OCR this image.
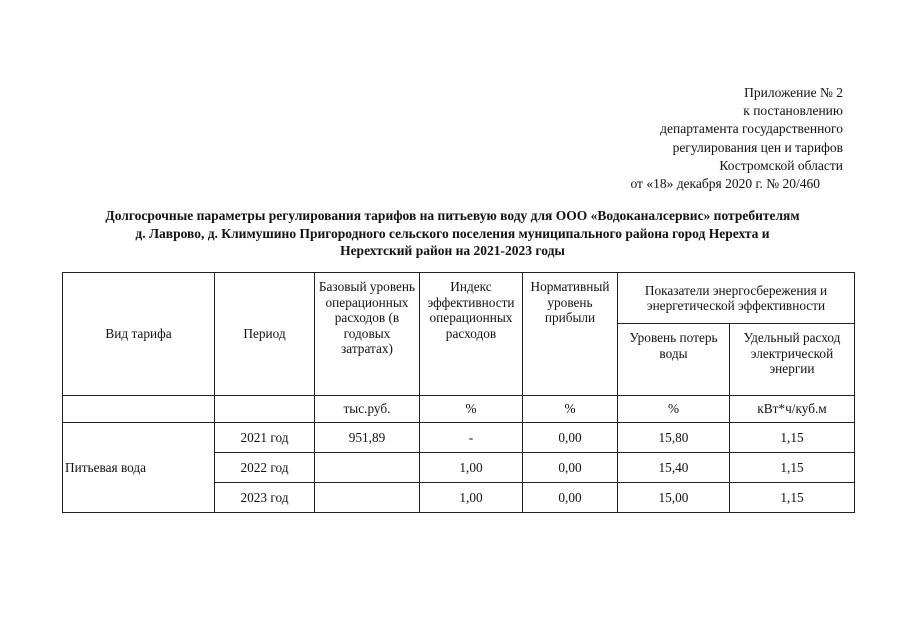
Приложение № 2
к постановлению
департамента государственного
регулирования цен и тарифов
Костромской области
от «18» декабря 2020 г. № 20/460
Долгосрочные параметры регулирования тарифов на питьевую воду для ООО «Водоканалсервис» потребителям
д. Лаврово, д. Климушино Пригородного сельского поселения муниципального района город Нерехта и
Нерехтский район на 2021-2023 годы
Вид тарифа	Период	Базовый уровень операционных расходов (в годовых затратах)	Индекс эффективности операционных расходов	Нормативный уровень прибыли	Показатели энергосбережения и энергетической эффективности	
					Уровень потерь воды	Удельный расход электрической энергии
		тыс.руб.	%	%	%	кВт*ч/куб.м
Питьевая вода	2021 год	951,89	-	0,00	15,80	1,15
	2022 год		1,00	0,00	15,40	1,15
	2023 год		1,00	0,00	15,00	1,15
